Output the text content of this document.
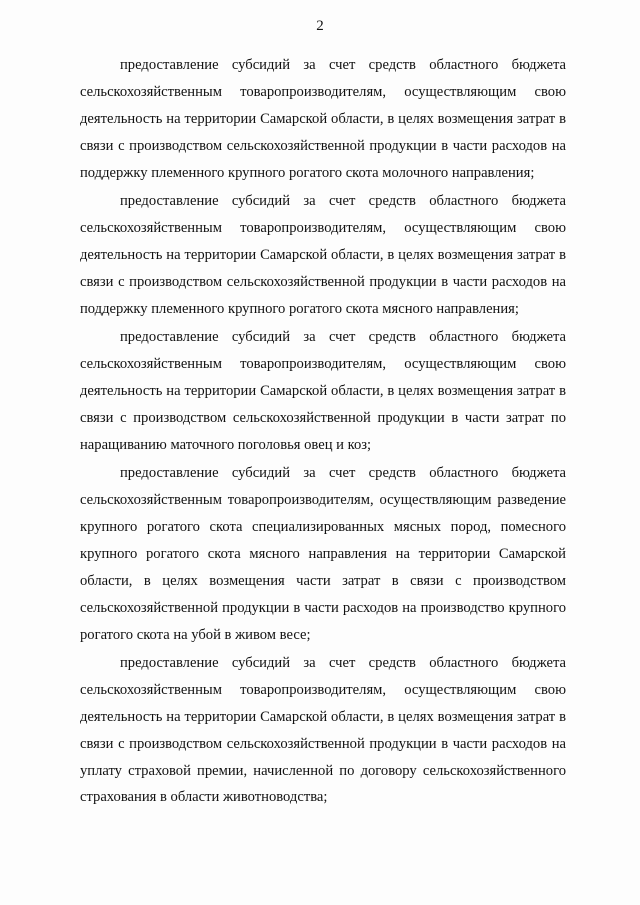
2

предоставление субсидий за счет средств областного бюджета сельскохозяйственным товаропроизводителям, осуществляющим свою деятельность на территории Самарской области, в целях возмещения затрат в связи с производством сельскохозяйственной продукции в части расходов на поддержку племенного крупного рогатого скота молочного направления;

предоставление субсидий за счет средств областного бюджета сельскохозяйственным товаропроизводителям, осуществляющим свою деятельность на территории Самарской области, в целях возмещения затрат в связи с производством сельскохозяйственной продукции в части расходов на поддержку племенного крупного рогатого скота мясного направления;

предоставление субсидий за счет средств областного бюджета сельскохозяйственным товаропроизводителям, осуществляющим свою деятельность на территории Самарской области, в целях возмещения затрат в связи с производством сельскохозяйственной продукции в части затрат по наращиванию маточного поголовья овец и коз;

предоставление субсидий за счет средств областного бюджета сельскохозяйственным товаропроизводителям, осуществляющим разведение крупного рогатого скота специализированных мясных пород, помесного крупного рогатого скота мясного направления на территории Самарской области, в целях возмещения части затрат в связи с производством сельскохозяйственной продукции в части расходов на производство крупного рогатого скота на убой в живом весе;

предоставление субсидий за счет средств областного бюджета сельскохозяйственным товаропроизводителям, осуществляющим свою деятельность на территории Самарской области, в целях возмещения затрат в связи с производством сельскохозяйственной продукции в части расходов на уплату страховой премии, начисленной по договору сельскохозяйственного страхования в области животноводства;
